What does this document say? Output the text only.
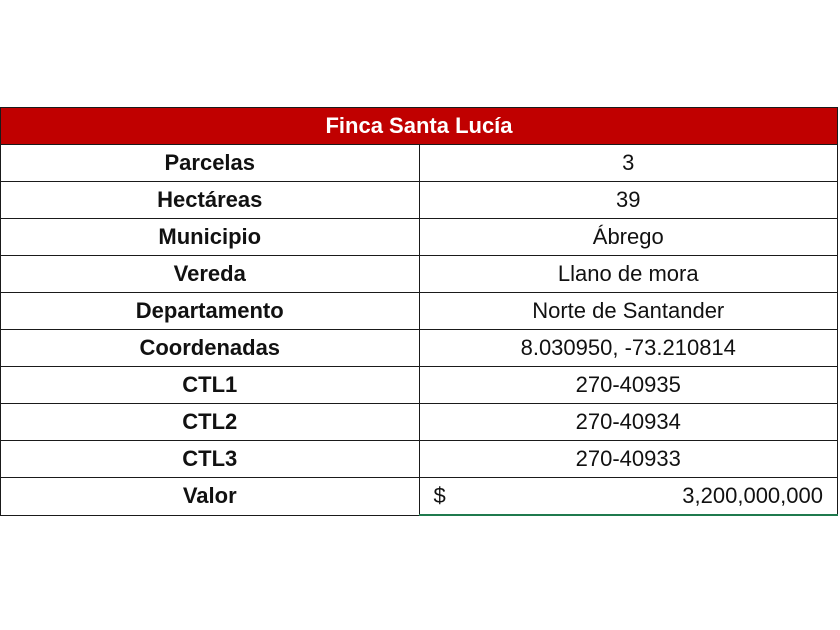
Finca Santa Lucía	
Parcelas	3
Hectáreas	39
Municipio	Ábrego
Vereda	Llano de mora
Departamento	Norte de Santander
Coordenadas	8.030950, -73.210814
CTL1	270-40935
CTL2	270-40934
CTL3	270-40933
Valor	$ 3,200,000,000
